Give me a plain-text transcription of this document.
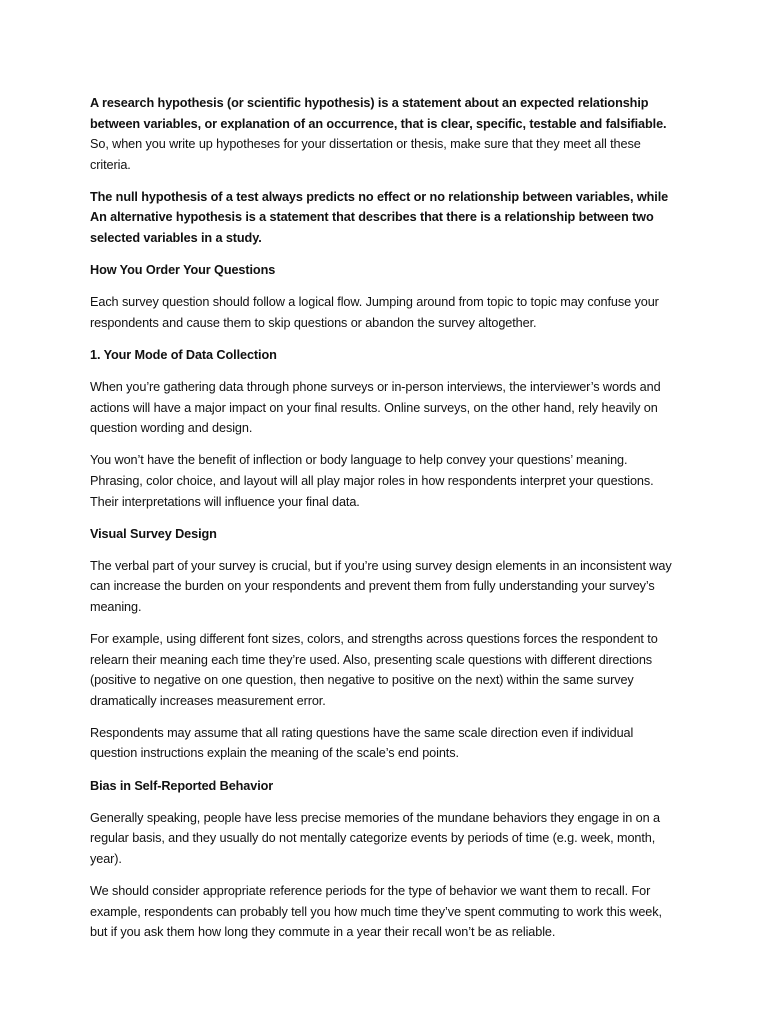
A research hypothesis (or scientific hypothesis) is a statement about an expected relationship between variables, or explanation of an occurrence, that is clear, specific, testable and falsifiable. So, when you write up hypotheses for your dissertation or thesis, make sure that they meet all these criteria.

The null hypothesis of a test always predicts no effect or no relationship between variables, while An alternative hypothesis is a statement that describes that there is a relationship between two selected variables in a study.

How You Order Your Questions

Each survey question should follow a logical flow. Jumping around from topic to topic may confuse your respondents and cause them to skip questions or abandon the survey altogether.

1. Your Mode of Data Collection

When you’re gathering data through phone surveys or in-person interviews, the interviewer’s words and actions will have a major impact on your final results. Online surveys, on the other hand, rely heavily on question wording and design.

You won’t have the benefit of inflection or body language to help convey your questions’ meaning. Phrasing, color choice, and layout will all play major roles in how respondents interpret your questions. Their interpretations will influence your final data.

Visual Survey Design

The verbal part of your survey is crucial, but if you’re using survey design elements in an inconsistent way can increase the burden on your respondents and prevent them from fully understanding your survey’s meaning.

For example, using different font sizes, colors, and strengths across questions forces the respondent to relearn their meaning each time they’re used. Also, presenting scale questions with different directions (positive to negative on one question, then negative to positive on the next) within the same survey dramatically increases measurement error.

Respondents may assume that all rating questions have the same scale direction even if individual question instructions explain the meaning of the scale’s end points.

Bias in Self-Reported Behavior

Generally speaking, people have less precise memories of the mundane behaviors they engage in on a regular basis, and they usually do not mentally categorize events by periods of time (e.g. week, month, year).

We should consider appropriate reference periods for the type of behavior we want them to recall. For example, respondents can probably tell you how much time they’ve spent commuting to work this week, but if you ask them how long they commute in a year their recall won’t be as reliable.
